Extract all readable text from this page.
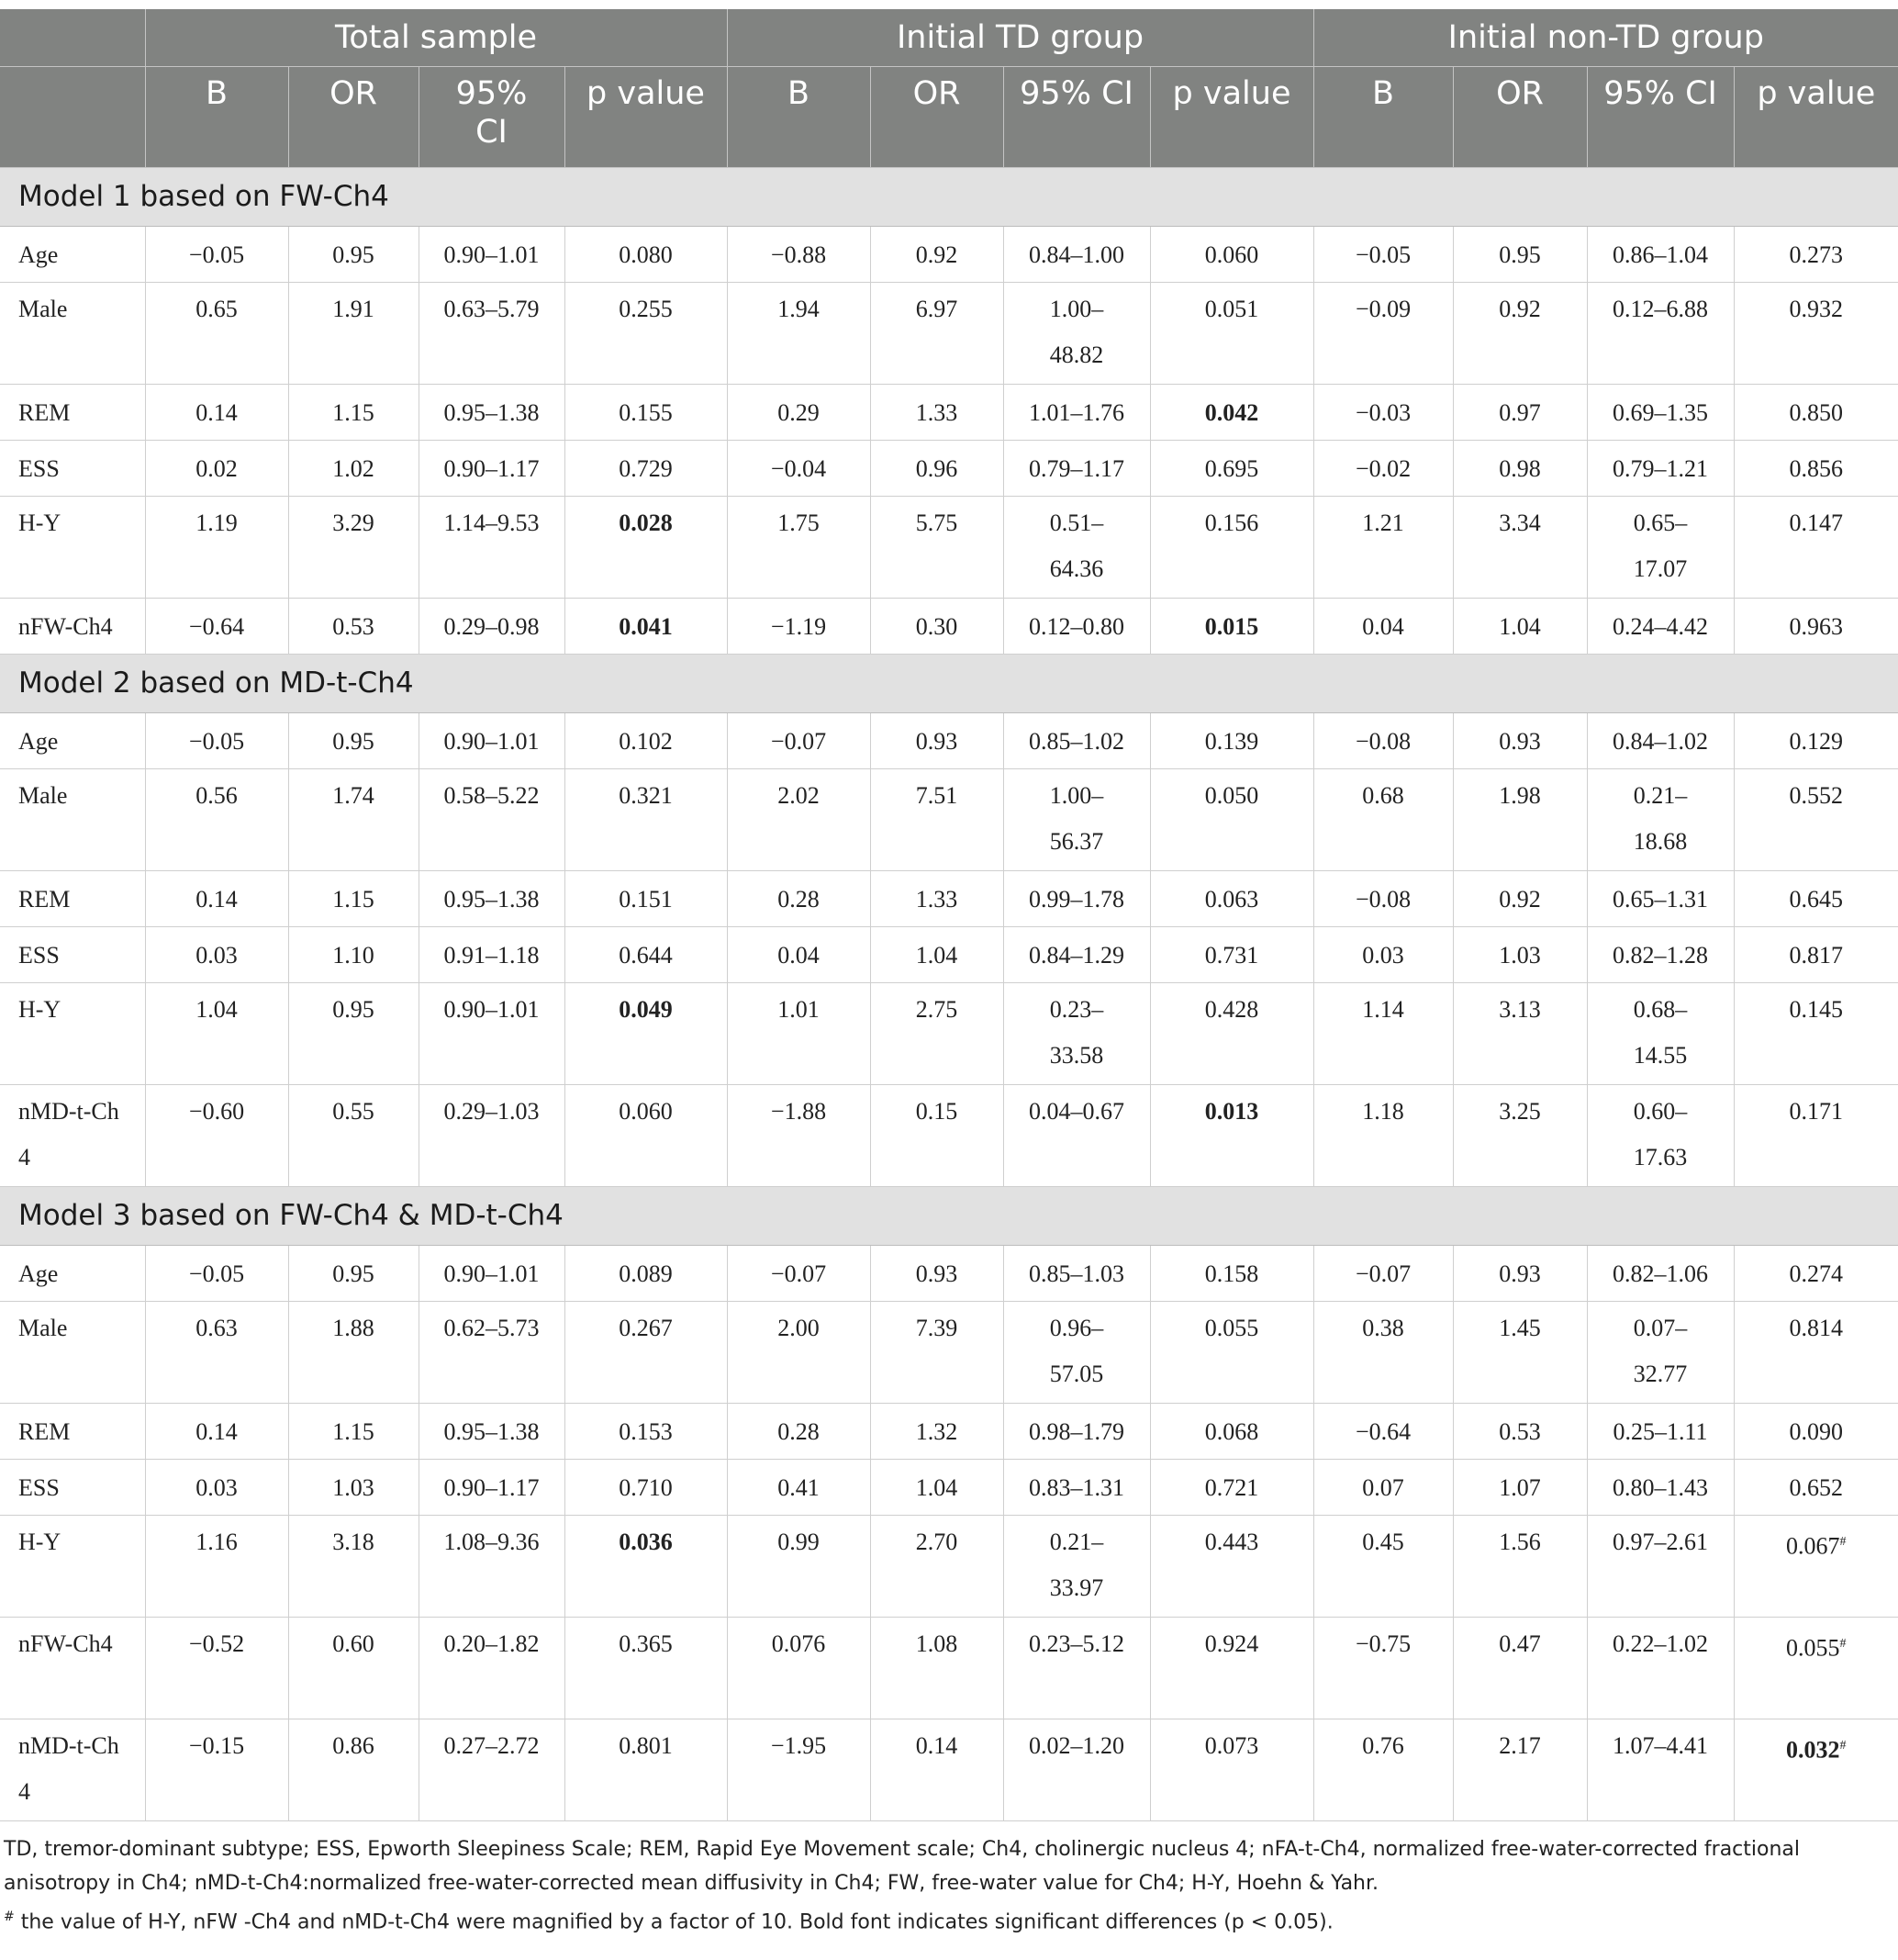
	Total sample				Initial TD group				Initial non-TD group			
	B	OR	95% CI	p value	B	OR	95% CI	p value	B	OR	95% CI	p value
Model 1 based on FW-Ch4												
Age	−0.05	0.95	0.90–1.01	0.080	−0.88	0.92	0.84–1.00	0.060	−0.05	0.95	0.86–1.04	0.273
Male	0.65	1.91	0.63–5.79	0.255	1.94	6.97	1.00–48.82	0.051	−0.09	0.92	0.12–6.88	0.932
REM	0.14	1.15	0.95–1.38	0.155	0.29	1.33	1.01–1.76	0.042	−0.03	0.97	0.69–1.35	0.850
ESS	0.02	1.02	0.90–1.17	0.729	−0.04	0.96	0.79–1.17	0.695	−0.02	0.98	0.79–1.21	0.856
H-Y	1.19	3.29	1.14–9.53	0.028	1.75	5.75	0.51–64.36	0.156	1.21	3.34	0.65–17.07	0.147
nFW-Ch4	−0.64	0.53	0.29–0.98	0.041	−1.19	0.30	0.12–0.80	0.015	0.04	1.04	0.24–4.42	0.963
Model 2 based on MD-t-Ch4												
Age	−0.05	0.95	0.90–1.01	0.102	−0.07	0.93	0.85–1.02	0.139	−0.08	0.93	0.84–1.02	0.129
Male	0.56	1.74	0.58–5.22	0.321	2.02	7.51	1.00–56.37	0.050	0.68	1.98	0.21–18.68	0.552
REM	0.14	1.15	0.95–1.38	0.151	0.28	1.33	0.99–1.78	0.063	−0.08	0.92	0.65–1.31	0.645
ESS	0.03	1.10	0.91–1.18	0.644	0.04	1.04	0.84–1.29	0.731	0.03	1.03	0.82–1.28	0.817
H-Y	1.04	0.95	0.90–1.01	0.049	1.01	2.75	0.23–33.58	0.428	1.14	3.13	0.68–14.55	0.145
nMD-t-Ch4	−0.60	0.55	0.29–1.03	0.060	−1.88	0.15	0.04–0.67	0.013	1.18	3.25	0.60–17.63	0.171
Model 3 based on FW-Ch4 & MD-t-Ch4												
Age	−0.05	0.95	0.90–1.01	0.089	−0.07	0.93	0.85–1.03	0.158	−0.07	0.93	0.82–1.06	0.274
Male	0.63	1.88	0.62–5.73	0.267	2.00	7.39	0.96–57.05	0.055	0.38	1.45	0.07–32.77	0.814
REM	0.14	1.15	0.95–1.38	0.153	0.28	1.32	0.98–1.79	0.068	−0.64	0.53	0.25–1.11	0.090
ESS	0.03	1.03	0.90–1.17	0.710	0.41	1.04	0.83–1.31	0.721	0.07	1.07	0.80–1.43	0.652
H-Y	1.16	3.18	1.08–9.36	0.036	0.99	2.70	0.21–33.97	0.443	0.45	1.56	0.97–2.61	0.067#
nFW-Ch4	−0.52	0.60	0.20–1.82	0.365	0.076	1.08	0.23–5.12	0.924	−0.75	0.47	0.22–1.02	0.055#
nMD-t-Ch4	−0.15	0.86	0.27–2.72	0.801	−1.95	0.14	0.02–1.20	0.073	0.76	2.17	1.07–4.41	0.032#
TD, tremor-dominant subtype; ESS, Epworth Sleepiness Scale; REM, Rapid Eye Movement scale; Ch4, cholinergic nucleus 4; nFA-t-Ch4, normalized free-water-corrected fractional anisotropy in Ch4; nMD-t-Ch4:normalized free-water-corrected mean diffusivity in Ch4; FW, free-water value for Ch4; H-Y, Hoehn & Yahr.
# the value of H-Y, nFW -Ch4 and nMD-t-Ch4 were magnified by a factor of 10. Bold font indicates significant differences (p < 0.05).
